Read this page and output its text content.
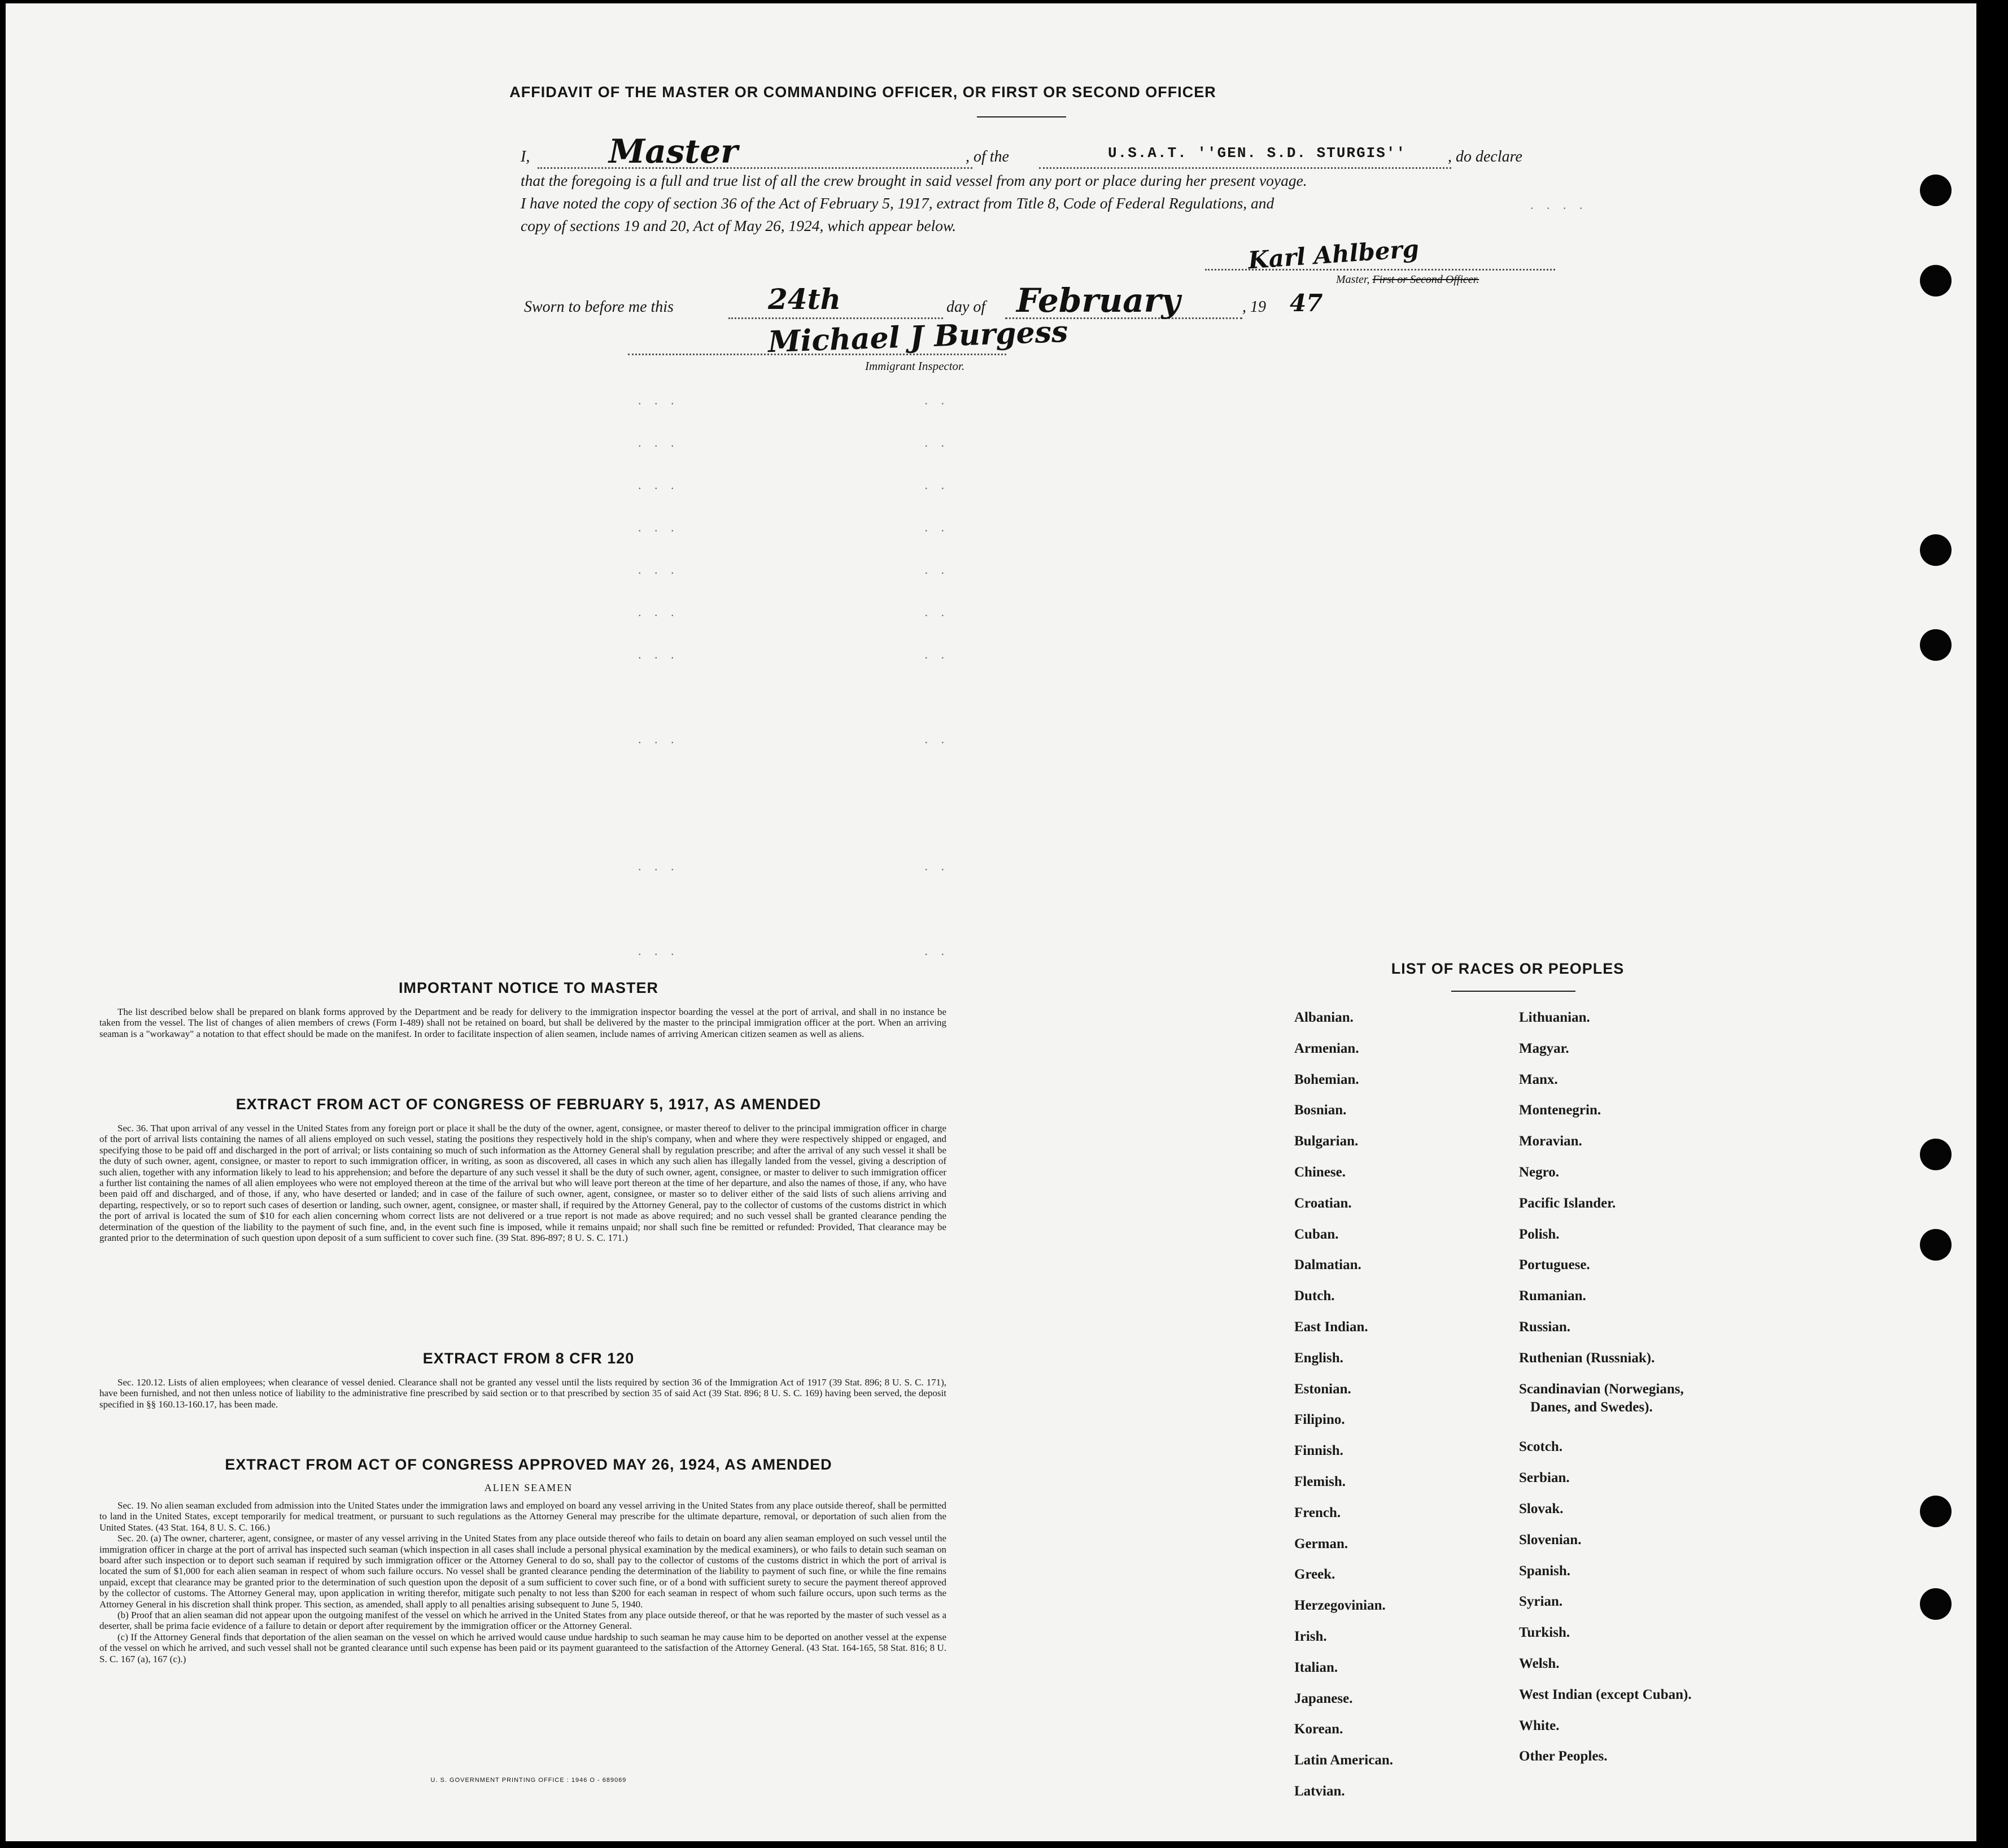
. . .                              . .
. . .                              . .
. . .                              . .
. . .                              . .
. . .                              . .
. . .                              . .
. . .                              . .
. . .                              . .
. . .                              . .
. . .                              . .
AFFIDAVIT OF THE MASTER OR COMMANDING OFFICER, OR FIRST OR SECOND OFFICER
I, Master	, of the	U.S.A.T. ''GEN. S.D. STURGIS''	, do declare
that the foregoing is a full and true list of all the crew brought in said vessel from any port or place during her present voyage.
I have noted the copy of section 36 of the Act of February 5, 1917, extract from Title 8, Code of Federal Regulations, and
copy of sections 19 and 20, Act of May 26, 1924, which appear below.
. . . .
Karl Ahlberg
Master, First or Second Officer.
Sworn to before me this	24th	day of February	, 19 47
Michael J Burgess
Immigrant Inspector.
IMPORTANT NOTICE TO MASTER

The list described below shall be prepared on blank forms approved by the Department and be ready for delivery to the immigration inspector boarding the vessel at the port of arrival, and shall in no instance be taken from the vessel. The list of changes of alien members of crews (Form I-489) shall not be retained on board, but shall be delivered by the master to the principal immigration officer at the port. When an arriving seaman is a "workaway" a notation to that effect should be made on the manifest. In order to facilitate inspection of alien seamen, include names of arriving American citizen seamen as well as aliens.

EXTRACT FROM ACT OF CONGRESS OF FEBRUARY 5, 1917, AS AMENDED

Sec. 36. That upon arrival of any vessel in the United States from any foreign port or place it shall be the duty of the owner, agent, consignee, or master thereof to deliver to the principal immigration officer in charge of the port of arrival lists containing the names of all aliens employed on such vessel, stating the positions they respectively hold in the ship's company, when and where they were respectively shipped or engaged, and specifying those to be paid off and discharged in the port of arrival; or lists containing so much of such information as the Attorney General shall by regulation prescribe; and after the arrival of any such vessel it shall be the duty of such owner, agent, consignee, or master to report to such immigration officer, in writing, as soon as discovered, all cases in which any such alien has illegally landed from the vessel, giving a description of such alien, together with any information likely to lead to his apprehension; and before the departure of any such vessel it shall be the duty of such owner, agent, consignee, or master to deliver to such immigration officer a further list containing the names of all alien employees who were not employed thereon at the time of the arrival but who will leave port thereon at the time of her departure, and also the names of those, if any, who have been paid off and discharged, and of those, if any, who have deserted or landed; and in case of the failure of such owner, agent, consignee, or master so to deliver either of the said lists of such aliens arriving and departing, respectively, or so to report such cases of desertion or landing, such owner, agent, consignee, or master shall, if required by the Attorney General, pay to the collector of customs of the customs district in which the port of arrival is located the sum of $10 for each alien concerning whom correct lists are not delivered or a true report is not made as above required; and no such vessel shall be granted clearance pending the determination of the question of the liability to the payment of such fine, and, in the event such fine is imposed, while it remains unpaid; nor shall such fine be remitted or refunded: Provided, That clearance may be granted prior to the determination of such question upon deposit of a sum sufficient to cover such fine. (39 Stat. 896-897; 8 U. S. C. 171.)

EXTRACT FROM 8 CFR 120

Sec. 120.12. Lists of alien employees; when clearance of vessel denied. Clearance shall not be granted any vessel until the lists required by section 36 of the Immigration Act of 1917 (39 Stat. 896; 8 U. S. C. 171), have been furnished, and not then unless notice of liability to the administrative fine prescribed by said section or to that prescribed by section 35 of said Act (39 Stat. 896; 8 U. S. C. 169) having been served, the deposit specified in §§ 160.13-160.17, has been made.

EXTRACT FROM ACT OF CONGRESS APPROVED MAY 26, 1924, AS AMENDED
ALIEN SEAMEN

Sec. 19. No alien seaman excluded from admission into the United States under the immigration laws and employed on board any vessel arriving in the United States from any place outside thereof, shall be permitted to land in the United States, except temporarily for medical treatment, or pursuant to such regulations as the Attorney General may prescribe for the ultimate departure, removal, or deportation of such alien from the United States. (43 Stat. 164, 8 U. S. C. 166.)

Sec. 20. (a) The owner, charterer, agent, consignee, or master of any vessel arriving in the United States from any place outside thereof who fails to detain on board any alien seaman employed on such vessel until the immigration officer in charge at the port of arrival has inspected such seaman (which inspection in all cases shall include a personal physical examination by the medical examiners), or who fails to detain such seaman on board after such inspection or to deport such seaman if required by such immigration officer or the Attorney General to do so, shall pay to the collector of customs of the customs district in which the port of arrival is located the sum of $1,000 for each alien seaman in respect of whom such failure occurs. No vessel shall be granted clearance pending the determination of the liability to payment of such fine, or while the fine remains unpaid, except that clearance may be granted prior to the determination of such question upon the deposit of a sum sufficient to cover such fine, or of a bond with sufficient surety to secure the payment thereof approved by the collector of customs. The Attorney General may, upon application in writing therefor, mitigate such penalty to not less than $200 for each seaman in respect of whom such failure occurs, upon such terms as the Attorney General in his discretion shall think proper. This section, as amended, shall apply to all penalties arising subsequent to June 5, 1940.

(b) Proof that an alien seaman did not appear upon the outgoing manifest of the vessel on which he arrived in the United States from any place outside thereof, or that he was reported by the master of such vessel as a deserter, shall be prima facie evidence of a failure to detain or deport after requirement by the immigration officer or the Attorney General.

(c) If the Attorney General finds that deportation of the alien seaman on the vessel on which he arrived would cause undue hardship to such seaman he may cause him to be deported on another vessel at the expense of the vessel on which he arrived, and such vessel shall not be granted clearance until such expense has been paid or its payment guaranteed to the satisfaction of the Attorney General. (43 Stat. 164-165, 58 Stat. 816; 8 U. S. C. 167 (a), 167 (c).)

U. S. GOVERNMENT PRINTING OFFICE : 1946 O - 689069
LIST OF RACES OR PEOPLES
Albanian.
Armenian.
Bohemian.
Bosnian.
Bulgarian.
Chinese.
Croatian.
Cuban.
Dalmatian.
Dutch.
East Indian.
English.
Estonian.
Filipino.
Finnish.
Flemish.
French.
German.
Greek.
Herzegovinian.
Irish.
Italian.
Japanese.
Korean.
Latin American.
Latvian.
Lithuanian.
Magyar.
Manx.
Montenegrin.
Moravian.
Negro.
Pacific Islander.
Polish.
Portuguese.
Rumanian.
Russian.
Ruthenian (Russniak).
Scandinavian (Norwegians,
Danes, and Swedes).
Scotch.
Serbian.
Slovak.
Slovenian.
Spanish.
Syrian.
Turkish.
Welsh.
West Indian (except Cuban).
White.
Other Peoples.
